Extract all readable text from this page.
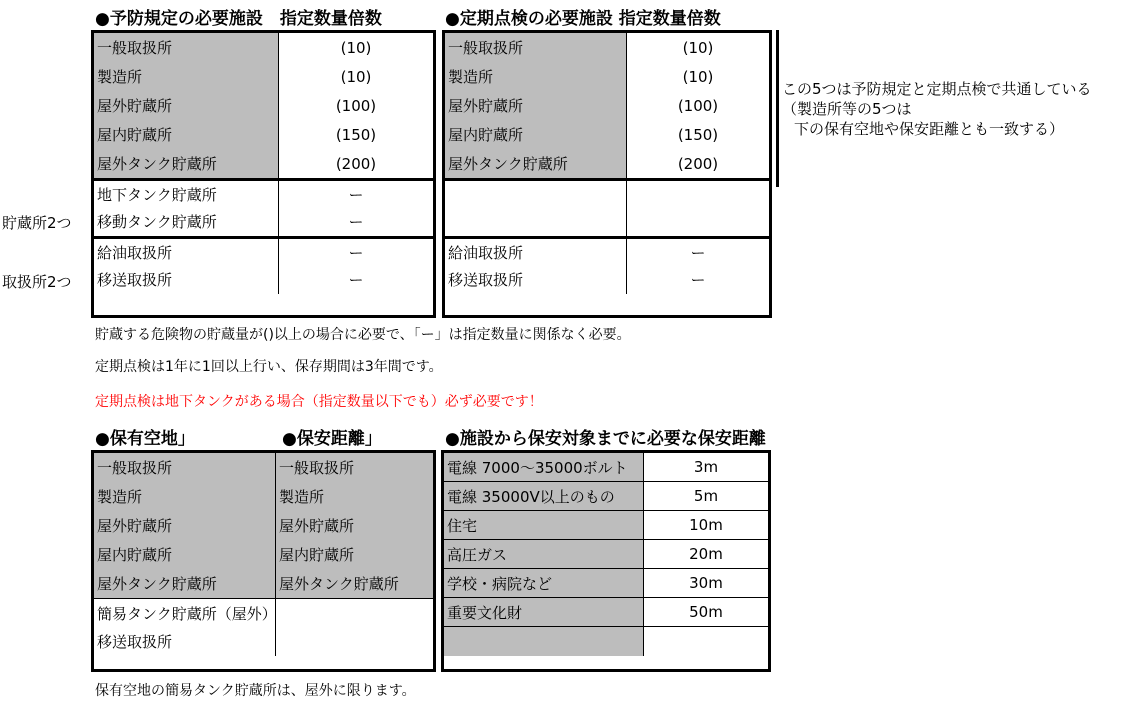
●予防規定の必要施設　指定数量倍数	●定期点検の必要施設 指定数量倍数
一般取扱所	(10)
製造所	(10)
屋外貯蔵所	(100)
屋内貯蔵所	(150)
屋外タンク貯蔵所	(200)
地下タンク貯蔵所	ー
移動タンク貯蔵所	ー
給油取扱所	ー
移送取扱所	ー
一般取扱所	(10)
製造所	(10)
屋外貯蔵所	(100)
屋内貯蔵所	(150)
屋外タンク貯蔵所	(200)
給油取扱所	ー
移送取扱所	ー
貯蔵所2つ
取扱所2つ
この5つは予防規定と定期点検で共通している
（製造所等の5つは
下の保有空地や保安距離とも一致する）
貯蔵する危険物の貯蔵量が()以上の場合に必要で、「ー」は指定数量に関係なく必要。
定期点検は1年に1回以上行い、保存期間は3年間です。
定期点検は地下タンクがある場合（指定数量以下でも）必ず必要です！
●保有空地」	●保安距離」	●施設から保安対象までに必要な保安距離
一般取扱所	一般取扱所
製造所	製造所
屋外貯蔵所	屋外貯蔵所
屋内貯蔵所	屋内貯蔵所
屋外タンク貯蔵所	屋外タンク貯蔵所
簡易タンク貯蔵所（屋外）
移送取扱所
電線 7000～35000ボルト	3m
電線 35000V以上のもの	5m
住宅	10m
高圧ガス	20m
学校・病院など	30m
重要文化財	50m
保有空地の簡易タンク貯蔵所は、屋外に限ります。
